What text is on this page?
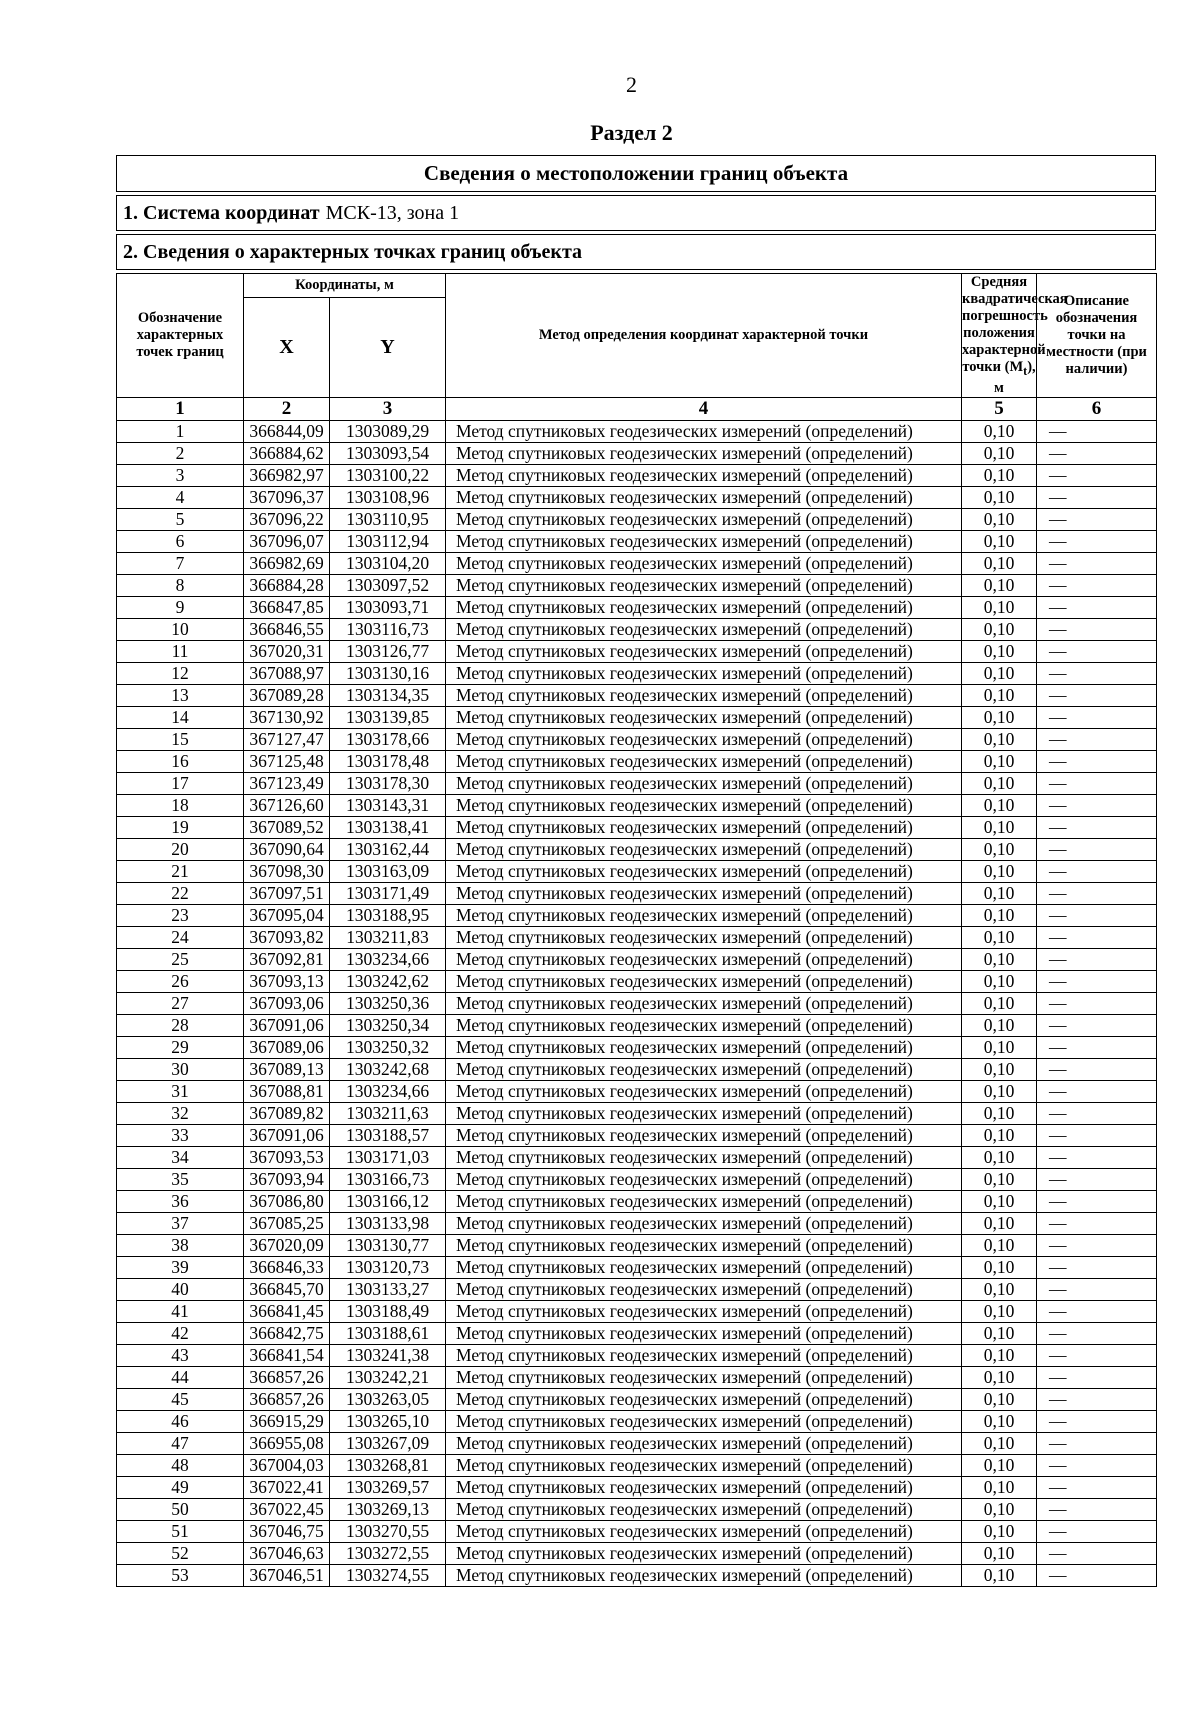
2
Раздел 2
Сведения о местоположении границ объекта
1. Система координат МСК-13, зона 1
2. Сведения о характерных точках границ объекта
Обозначение характерных точек границ	Координаты, м		Метод определения координат характерной точки	Средняя квадратическая погрешность положения характерной точки $(M_t)$, м	Описание обозначения точки на местности (при наличии)
	X	Y			
1	2	3	4	5	6
1	366844,09	1303089,29	Метод спутниковых геодезических измерений (определений)	0,10	—
2	366884,62	1303093,54	Метод спутниковых геодезических измерений (определений)	0,10	—
3	366982,97	1303100,22	Метод спутниковых геодезических измерений (определений)	0,10	—
4	367096,37	1303108,96	Метод спутниковых геодезических измерений (определений)	0,10	—
5	367096,22	1303110,95	Метод спутниковых геодезических измерений (определений)	0,10	—
6	367096,07	1303112,94	Метод спутниковых геодезических измерений (определений)	0,10	—
7	366982,69	1303104,20	Метод спутниковых геодезических измерений (определений)	0,10	—
8	366884,28	1303097,52	Метод спутниковых геодезических измерений (определений)	0,10	—
9	366847,85	1303093,71	Метод спутниковых геодезических измерений (определений)	0,10	—
10	366846,55	1303116,73	Метод спутниковых геодезических измерений (определений)	0,10	—
11	367020,31	1303126,77	Метод спутниковых геодезических измерений (определений)	0,10	—
12	367088,97	1303130,16	Метод спутниковых геодезических измерений (определений)	0,10	—
13	367089,28	1303134,35	Метод спутниковых геодезических измерений (определений)	0,10	—
14	367130,92	1303139,85	Метод спутниковых геодезических измерений (определений)	0,10	—
15	367127,47	1303178,66	Метод спутниковых геодезических измерений (определений)	0,10	—
16	367125,48	1303178,48	Метод спутниковых геодезических измерений (определений)	0,10	—
17	367123,49	1303178,30	Метод спутниковых геодезических измерений (определений)	0,10	—
18	367126,60	1303143,31	Метод спутниковых геодезических измерений (определений)	0,10	—
19	367089,52	1303138,41	Метод спутниковых геодезических измерений (определений)	0,10	—
20	367090,64	1303162,44	Метод спутниковых геодезических измерений (определений)	0,10	—
21	367098,30	1303163,09	Метод спутниковых геодезических измерений (определений)	0,10	—
22	367097,51	1303171,49	Метод спутниковых геодезических измерений (определений)	0,10	—
23	367095,04	1303188,95	Метод спутниковых геодезических измерений (определений)	0,10	—
24	367093,82	1303211,83	Метод спутниковых геодезических измерений (определений)	0,10	—
25	367092,81	1303234,66	Метод спутниковых геодезических измерений (определений)	0,10	—
26	367093,13	1303242,62	Метод спутниковых геодезических измерений (определений)	0,10	—
27	367093,06	1303250,36	Метод спутниковых геодезических измерений (определений)	0,10	—
28	367091,06	1303250,34	Метод спутниковых геодезических измерений (определений)	0,10	—
29	367089,06	1303250,32	Метод спутниковых геодезических измерений (определений)	0,10	—
30	367089,13	1303242,68	Метод спутниковых геодезических измерений (определений)	0,10	—
31	367088,81	1303234,66	Метод спутниковых геодезических измерений (определений)	0,10	—
32	367089,82	1303211,63	Метод спутниковых геодезических измерений (определений)	0,10	—
33	367091,06	1303188,57	Метод спутниковых геодезических измерений (определений)	0,10	—
34	367093,53	1303171,03	Метод спутниковых геодезических измерений (определений)	0,10	—
35	367093,94	1303166,73	Метод спутниковых геодезических измерений (определений)	0,10	—
36	367086,80	1303166,12	Метод спутниковых геодезических измерений (определений)	0,10	—
37	367085,25	1303133,98	Метод спутниковых геодезических измерений (определений)	0,10	—
38	367020,09	1303130,77	Метод спутниковых геодезических измерений (определений)	0,10	—
39	366846,33	1303120,73	Метод спутниковых геодезических измерений (определений)	0,10	—
40	366845,70	1303133,27	Метод спутниковых геодезических измерений (определений)	0,10	—
41	366841,45	1303188,49	Метод спутниковых геодезических измерений (определений)	0,10	—
42	366842,75	1303188,61	Метод спутниковых геодезических измерений (определений)	0,10	—
43	366841,54	1303241,38	Метод спутниковых геодезических измерений (определений)	0,10	—
44	366857,26	1303242,21	Метод спутниковых геодезических измерений (определений)	0,10	—
45	366857,26	1303263,05	Метод спутниковых геодезических измерений (определений)	0,10	—
46	366915,29	1303265,10	Метод спутниковых геодезических измерений (определений)	0,10	—
47	366955,08	1303267,09	Метод спутниковых геодезических измерений (определений)	0,10	—
48	367004,03	1303268,81	Метод спутниковых геодезических измерений (определений)	0,10	—
49	367022,41	1303269,57	Метод спутниковых геодезических измерений (определений)	0,10	—
50	367022,45	1303269,13	Метод спутниковых геодезических измерений (определений)	0,10	—
51	367046,75	1303270,55	Метод спутниковых геодезических измерений (определений)	0,10	—
52	367046,63	1303272,55	Метод спутниковых геодезических измерений (определений)	0,10	—
53	367046,51	1303274,55	Метод спутниковых геодезических измерений (определений)	0,10	—
